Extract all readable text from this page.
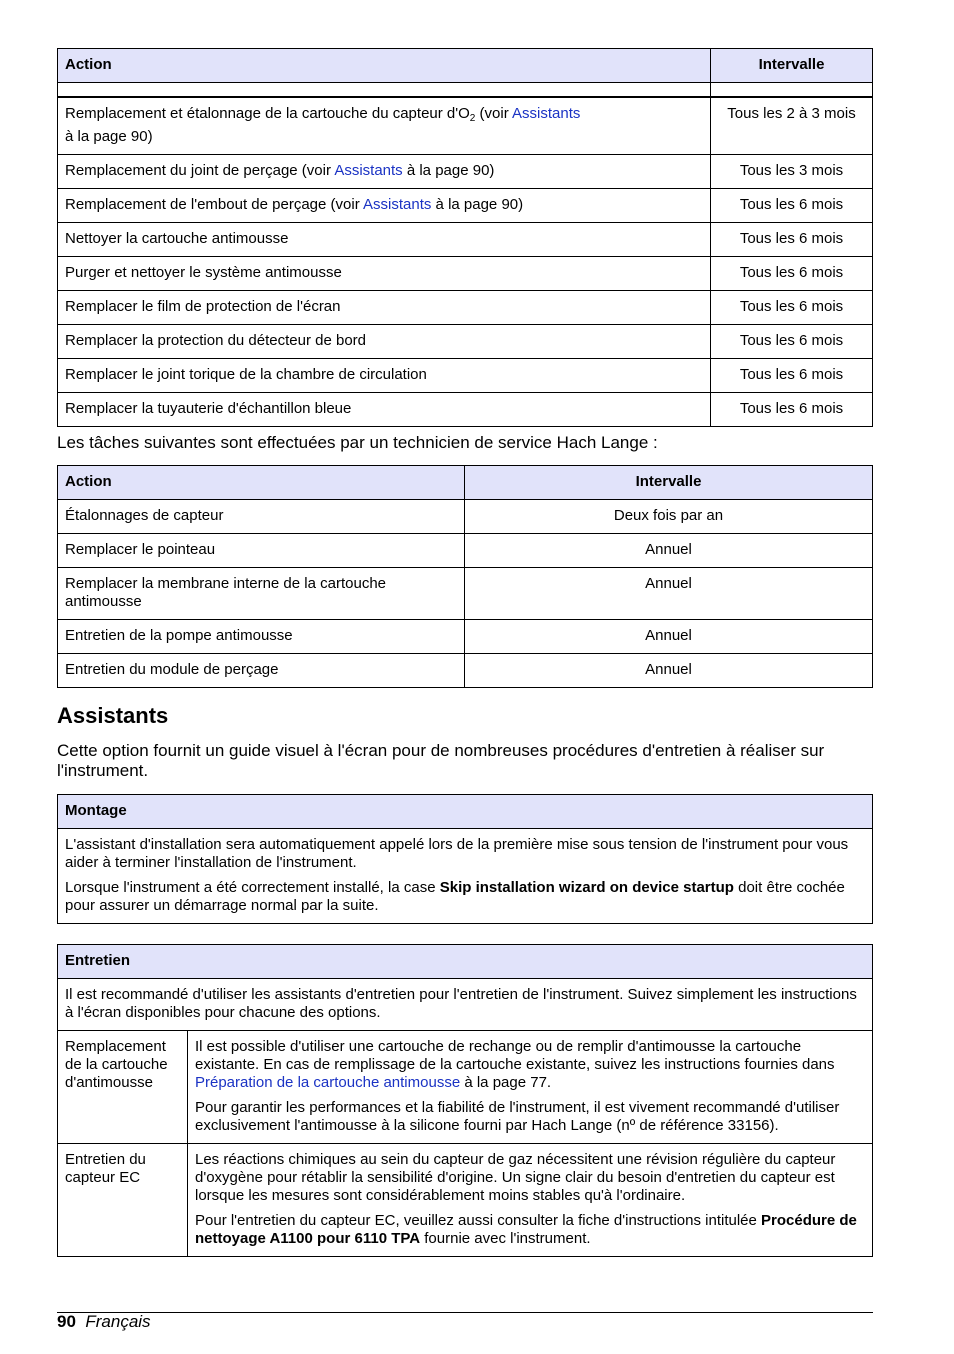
Action	Intervalle

Remplacement et étalonnage de la cartouche du capteur $d'O_2$ (voir Assistants
à la page 90)	Tous les 2 à 3 mois
Remplacement du joint de perçage (voir Assistants à la page 90)	Tous les 3 mois
Remplacement de l'embout de perçage (voir Assistants à la page 90)	Tous les 6 mois
Nettoyer la cartouche antimousse	Tous les 6 mois
Purger et nettoyer le système antimousse	Tous les 6 mois
Remplacer le film de protection de l'écran	Tous les 6 mois
Remplacer la protection du détecteur de bord	Tous les 6 mois
Remplacer le joint torique de la chambre de circulation	Tous les 6 mois
Remplacer la tuyauterie d'échantillon bleue	Tous les 6 mois

Les tâches suivantes sont effectuées par un technicien de service Hach Lange :

Action	Intervalle
Étalonnages de capteur	Deux fois par an
Remplacer le pointeau	Annuel
Remplacer la membrane interne de la cartouche antimousse	Annuel
Entretien de la pompe antimousse	Annuel
Entretien du module de perçage	Annuel
Assistants

Cette option fournit un guide visuel à l'écran pour de nombreuses procédures d'entretien à réaliser sur l'instrument.

Montage

L'assistant d'installation sera automatiquement appelé lors de la première mise sous tension de l'instrument pour vous aider à terminer l'installation de l'instrument.

Lorsque l'instrument a été correctement installé, la case Skip installation wizard on device startup doit être cochée pour assurer un démarrage normal par la suite.

Entretien	
Il est recommandé d'utiliser les assistants d'entretien pour l'entretien de l'instrument. Suivez simplement les instructions à l'écran disponibles pour chacune des options.	
Remplacement de la cartouche d'antimousse	Il est possible d'utiliser une cartouche de rechange ou de remplir d'antimousse la cartouche existante. En cas de remplissage de la cartouche existante, suivez les instructions fournies dans Préparation de la cartouche antimousse à la page 77.

Pour garantir les performances et la fiabilité de l'instrument, il est vivement recommandé d'utiliser exclusivement l'antimousse à la silicone fourni par Hach Lange (nº de référence 33156).

Entretien du capteur EC	Les réactions chimiques au sein du capteur de gaz nécessitent une révision régulière du capteur d'oxygène pour rétablir la sensibilité d'origine. Un signe clair du besoin d'entretien du capteur est lorsque les mesures sont considérablement moins stables qu'à l'ordinaire.

Pour l'entretien du capteur EC, veuillez aussi consulter la fiche d'instructions intitulée Procédure de nettoyage A1100 pour 6110 TPA fournie avec l'instrument.

90 Français
